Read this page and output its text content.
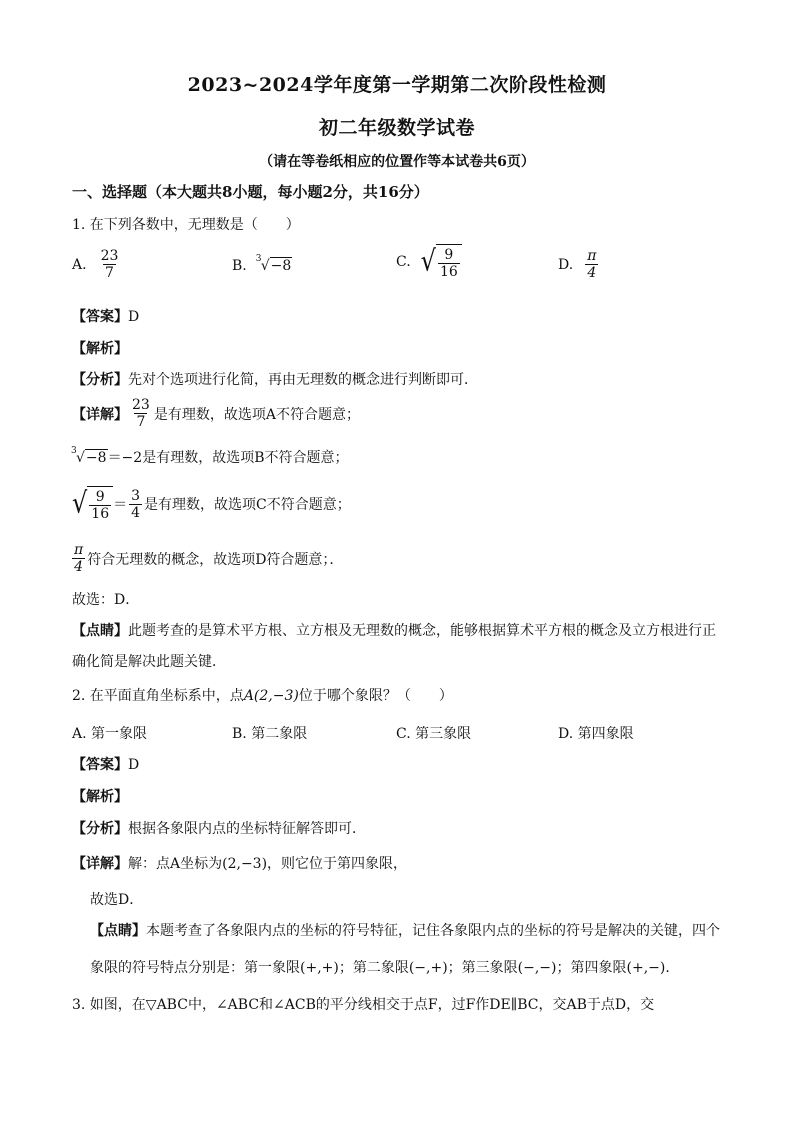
2023~2024学年度第一学期第二次阶段性检测
初二年级数学试卷
（请在等卷纸相应的位置作等本试卷共6页）
一、选择题（本大题共8小题，每小题2分，共16分）
1. 在下列各数中，无理数是（　　）
A. $\frac{23}{7}$	B. 3 √−8	C. √ $\frac{9}{16}$	D. $\frac{\pi}{4}$
【答案】D
【解析】
【分析】先对个选项进行化简，再由无理数的概念进行判断即可．
【详解】 $\frac{23}{7}$ 是有理数，故选项A不符合题意；
3 √−8＝−2是有理数，故选项B不符合题意；
√ $\frac{9}{16} = \frac{3}{4}$ 是有理数，故选项C不符合题意；
$\frac{\pi}{4}$ 符合无理数的概念，故选项D符合题意；．
故选：D．
【点睛】此题考查的是算术平方根、立方根及无理数的概念，能够根据算术平方根的概念及立方根进行正
确化简是解决此题关键．
2. 在平面直角坐标系中，点A(2,−3)位于哪个象限？（　　）
A. 第一象限	B. 第二象限	C. 第三象限	D. 第四象限
【答案】D
【解析】
【分析】根据各象限内点的坐标特征解答即可．
【详解】解：点A坐标为(2,−3)，则它位于第四象限，
故选D．
【点睛】本题考查了各象限内点的坐标的符号特征，记住各象限内点的坐标的符号是解决的关键，四个
象限的符号特点分别是：第一象限(+,+)；第二象限(−,+)；第三象限(−,−)；第四象限(+,−)．
3. 如图，在▽ABC中，∠ABC和∠ACB的平分线相交于点F，过F作DE∥BC，交AB于点D，交
